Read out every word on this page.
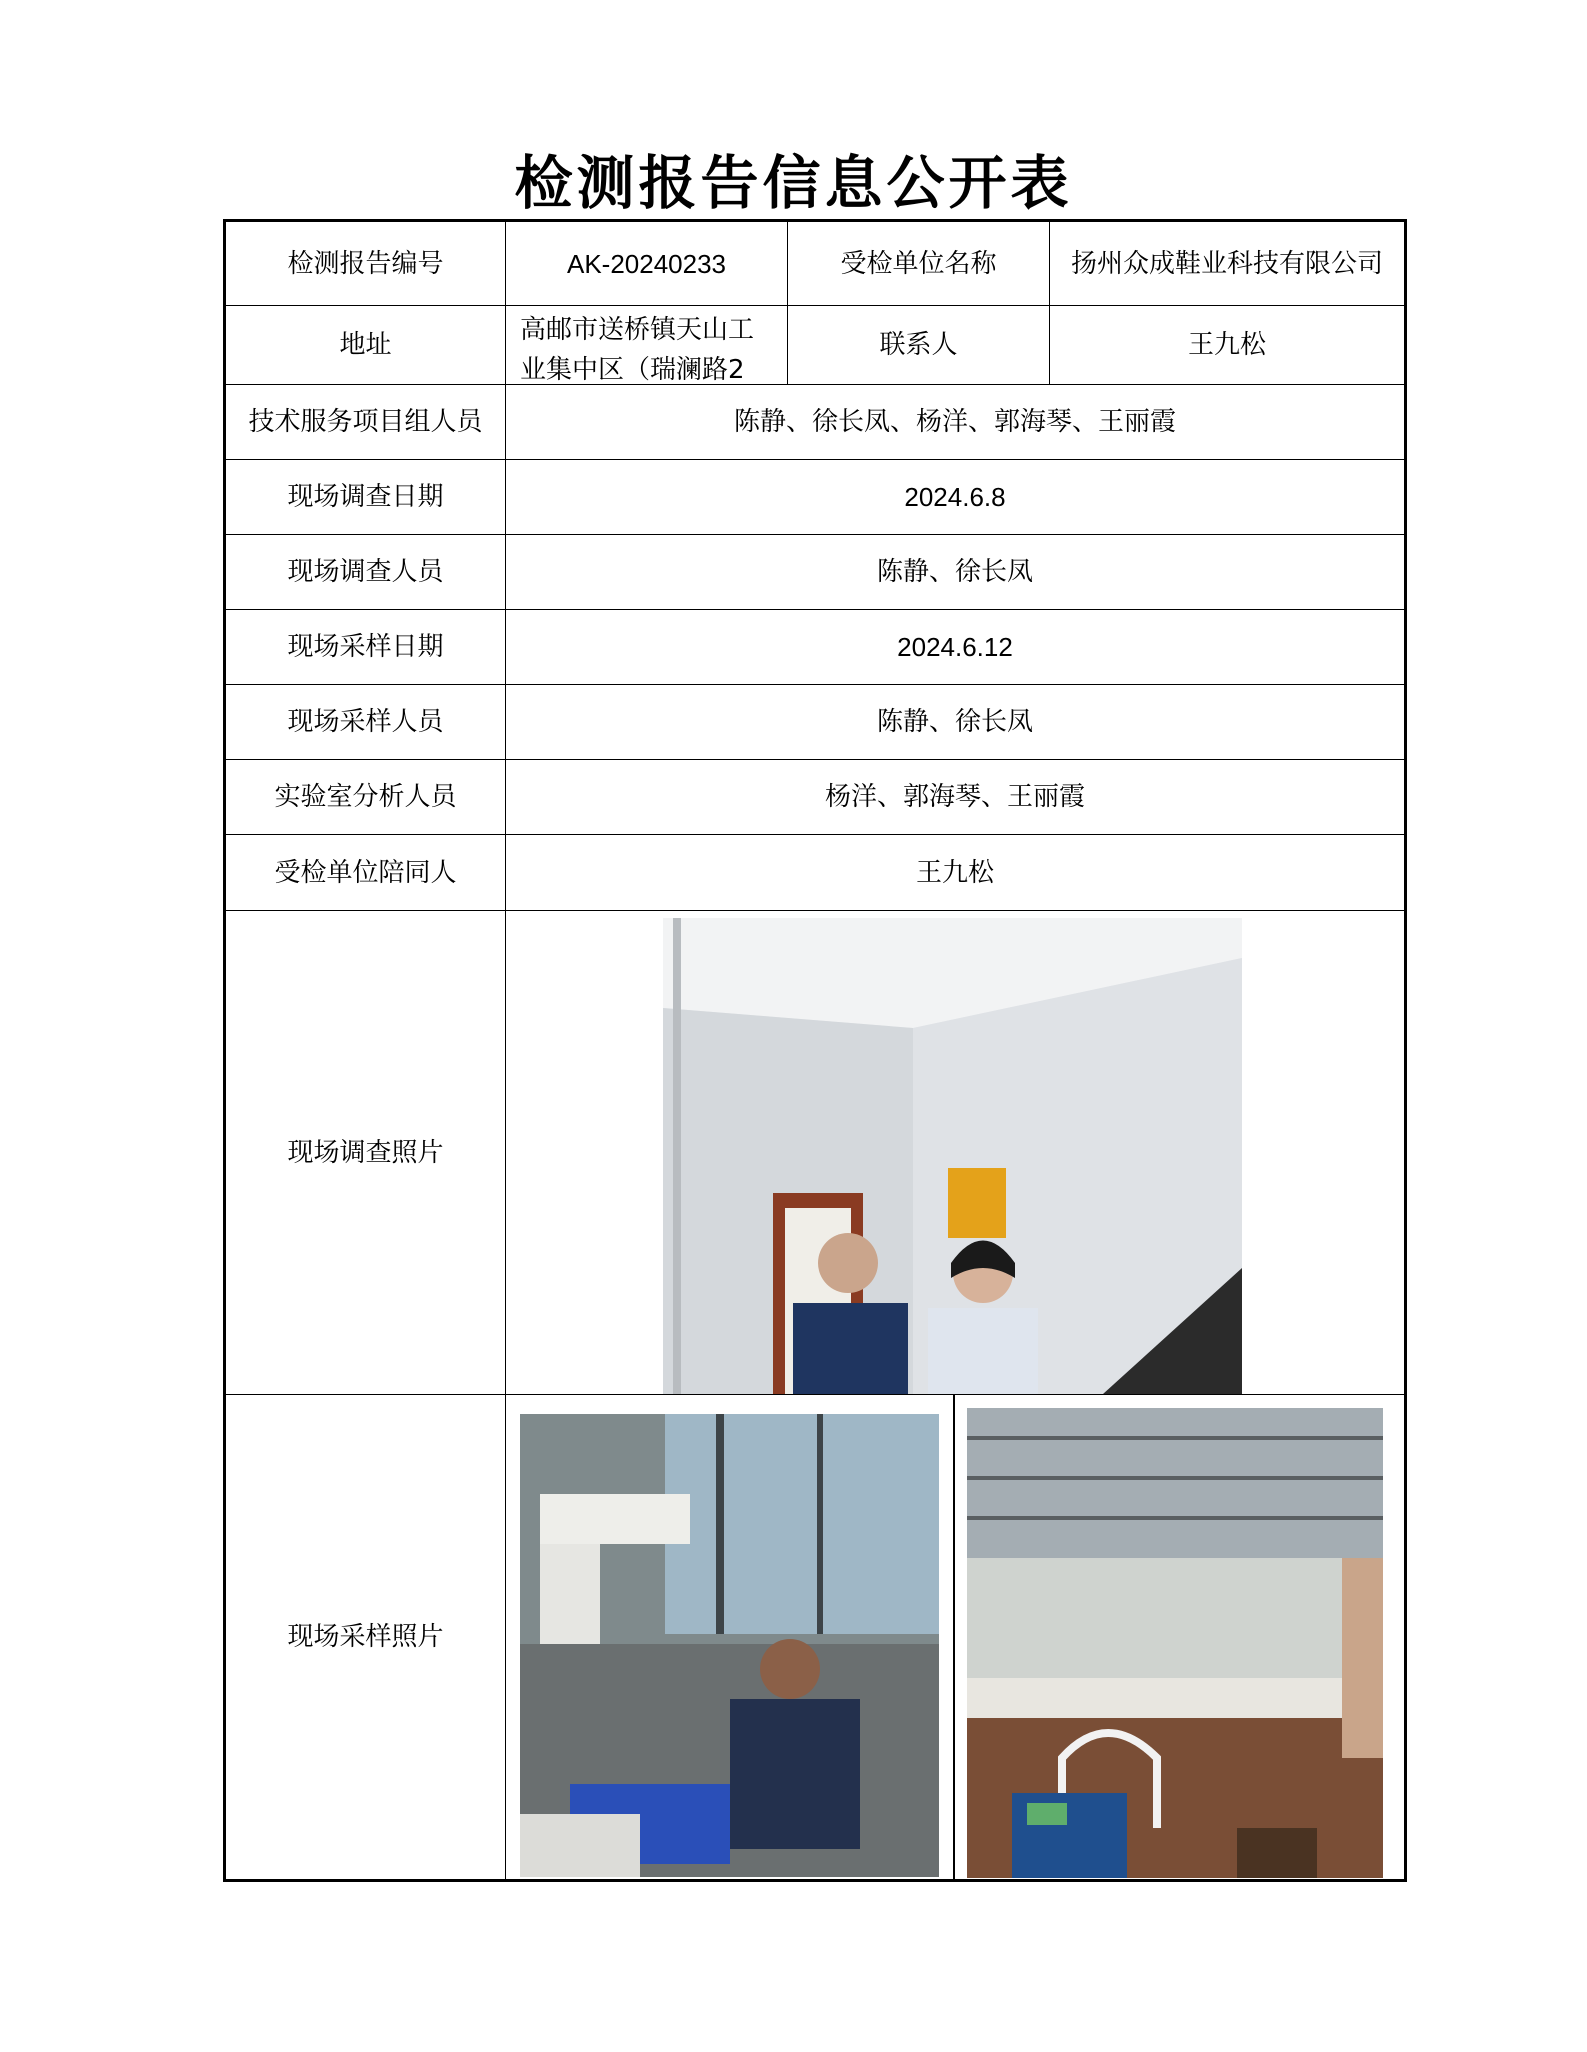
检测报告信息公开表
检测报告编号	AK-20240233	受检单位名称	扬州众成鞋业科技有限公司
地址	高邮市送桥镇天山工业集中区（瑞澜路2	联系人	王九松
技术服务项目组人员	陈静、徐长凤、杨洋、郭海琴、王丽霞		
现场调查日期	2024.6.8		
现场调查人员	陈静、徐长凤		
现场采样日期	2024.6.12		
现场采样人员	陈静、徐长凤		
实验室分析人员	杨洋、郭海琴、王丽霞		
受检单位陪同人	王九松		
现场调查照片	

现场采样照片	
